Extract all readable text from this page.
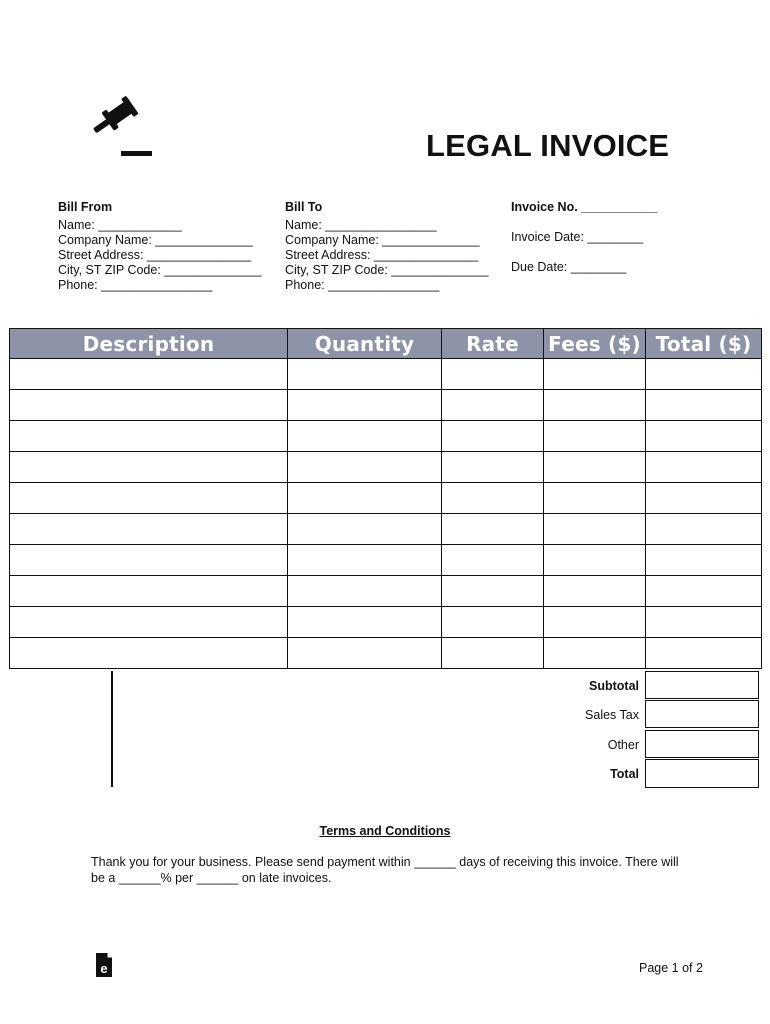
LEGAL INVOICE
Bill From
Name: ____________
Company Name: ______________
Street Address: _______________
City, ST ZIP Code: ______________
Phone: ________________
Bill To
Name: ________________
Company Name: ______________
Street Address: _______________
City, ST ZIP Code: ______________
Phone: ________________
Invoice No. ___________
Invoice Date: ________
Due Date: ________
Description	Quantity	Rate	Fees ($)	Total ($)

Subtotal
Sales Tax
Other
Total
Terms and Conditions
Thank you for your business. Please send payment within ______ days of receiving this invoice. There will be a ______% per ______ on late invoices.
e	Page 1 of 2
